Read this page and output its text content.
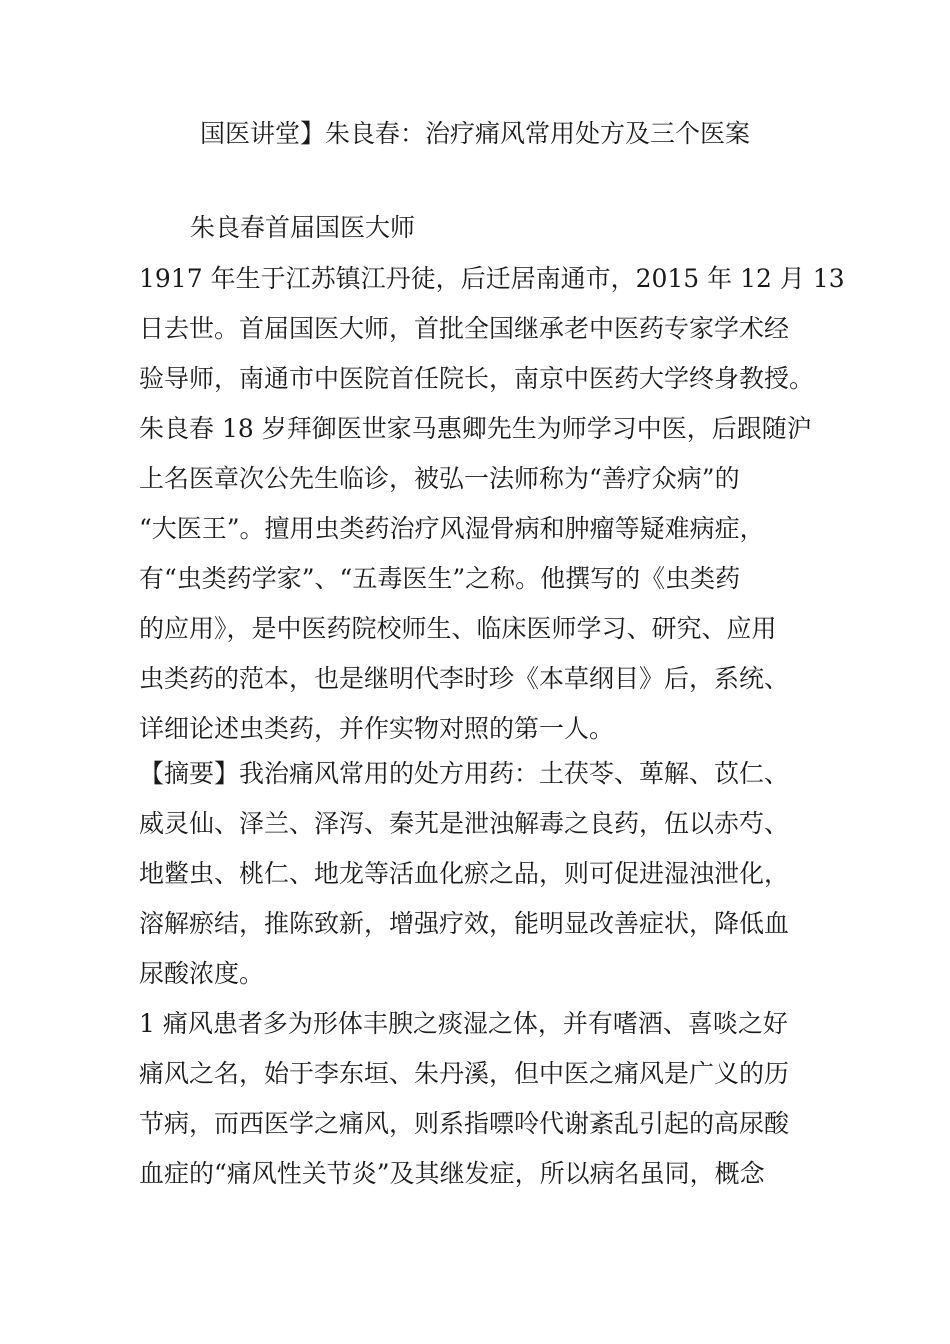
国医讲堂】朱良春：治疗痛风常用处方及三个医案
朱良春首届国医大师
1917 年生于江苏镇江丹徒，后迁居南通市，2015 年 12 月 13
日去世。首届国医大师，首批全国继承老中医药专家学术经
验导师，南通市中医院首任院长，南京中医药大学终身教授。
朱良春 18 岁拜御医世家马惠卿先生为师学习中医，后跟随沪
上名医章次公先生临诊，被弘一法师称为“善疗众病”的
“大医王”。擅用虫类药治疗风湿骨病和肿瘤等疑难病症，
有“虫类药学家”、“五毒医生”之称。他撰写的《虫类药
的应用》，是中医药院校师生、临床医师学习、研究、应用
虫类药的范本，也是继明代李时珍《本草纲目》后，系统、
详细论述虫类药，并作实物对照的第一人。
【摘要】我治痛风常用的处方用药：土茯苓、萆解、苡仁、
威灵仙、泽兰、泽泻、秦艽是泄浊解毒之良药，伍以赤芍、
地鳖虫、桃仁、地龙等活血化瘀之品，则可促进湿浊泄化，
溶解瘀结，推陈致新，增强疗效，能明显改善症状，降低血
尿酸浓度。
1 痛风患者多为形体丰腴之痰湿之体，并有嗜酒、喜啖之好
痛风之名，始于李东垣、朱丹溪，但中医之痛风是广义的历
节病，而西医学之痛风，则系指嘌呤代谢紊乱引起的高尿酸
血症的“痛风性关节炎”及其继发症，所以病名虽同，概念
